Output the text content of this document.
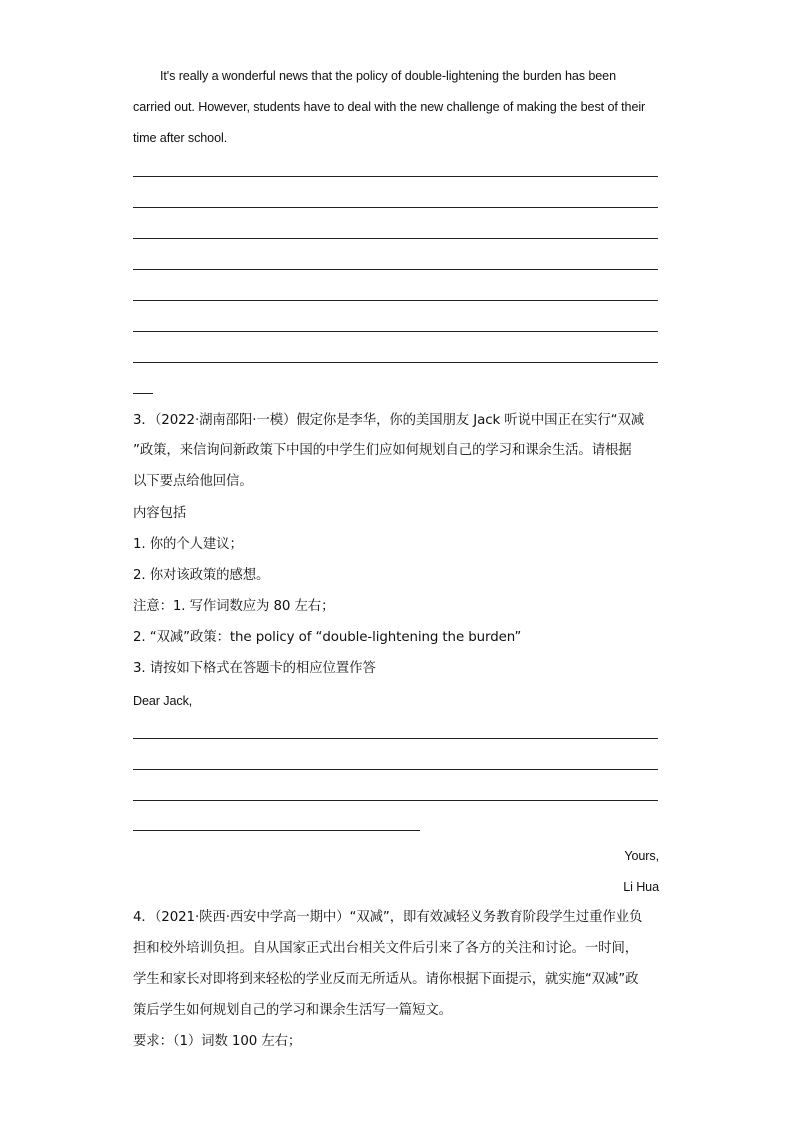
It's really a wonderful news that the policy of double-lightening the burden has been
carried out. However, students have to deal with the new challenge of making the best of their
time after school.
3．（2022·湖南邵阳·一模）假定你是李华，你的美国朋友 Jack 听说中国正在实行“双减
”政策，来信询问新政策下中国的中学生们应如何规划自己的学习和课余生活。请根据
以下要点给他回信。
内容包括
1. 你的个人建议；
2. 你对该政策的感想。
注意：1. 写作词数应为 80 左右；
2. “双减”政策：the policy of “double-lightening the burden”
3. 请按如下格式在答题卡的相应位置作答
Dear Jack,
Yours,
Li Hua
4．（2021·陕西·西安中学高一期中）“双减”，即有效减轻义务教育阶段学生过重作业负
担和校外培训负担。自从国家正式出台相关文件后引来了各方的关注和讨论。一时间，
学生和家长对即将到来轻松的学业反而无所适从。请你根据下面提示，就实施“双减”政
策后学生如何规划自己的学习和课余生活写一篇短文。
要求：（1）词数 100 左右；
